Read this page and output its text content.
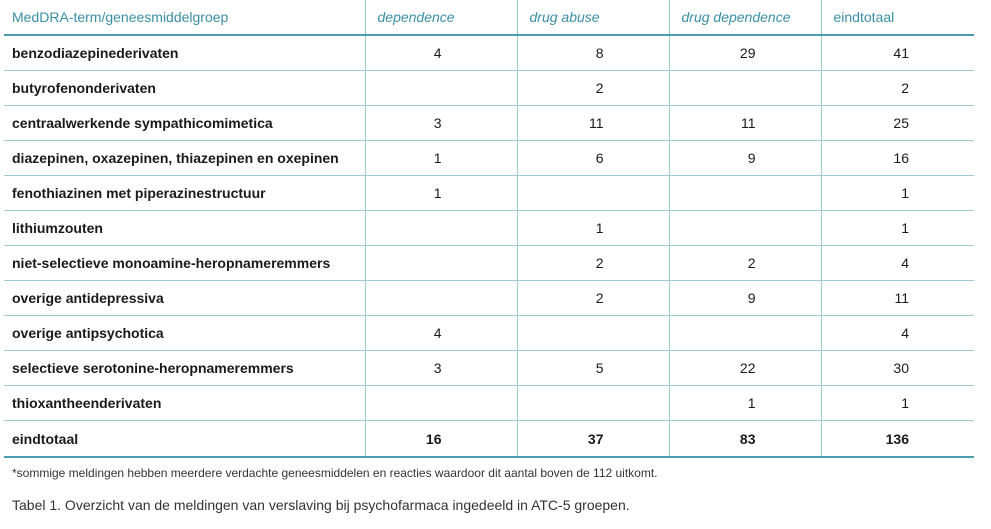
MedDRA-term/geneesmiddelgroep	dependence	drug abuse	drug dependence	eindtotaal
benzodiazepinederivaten	4	8	29	41
butyrofenonderivaten		2		2
centraalwerkende sympathicomimetica	3	11	11	25
diazepinen, oxazepinen, thiazepinen en oxepinen	1	6	9	16
fenothiazinen met piperazinestructuur	1			1
lithiumzouten		1		1
niet-selectieve monoamine-heropnameremmers		2	2	4
overige antidepressiva		2	9	11
overige antipsychotica	4			4
selectieve serotonine-heropnameremmers	3	5	22	30
thioxantheenderivaten			1	1
eindtotaal	16	37	83	136
*sommige meldingen hebben meerdere verdachte geneesmiddelen en reacties waardoor dit aantal boven de 112 uitkomt.
Tabel 1. Overzicht van de meldingen van verslaving bij psychofarmaca ingedeeld in ATC-5 groepen.
